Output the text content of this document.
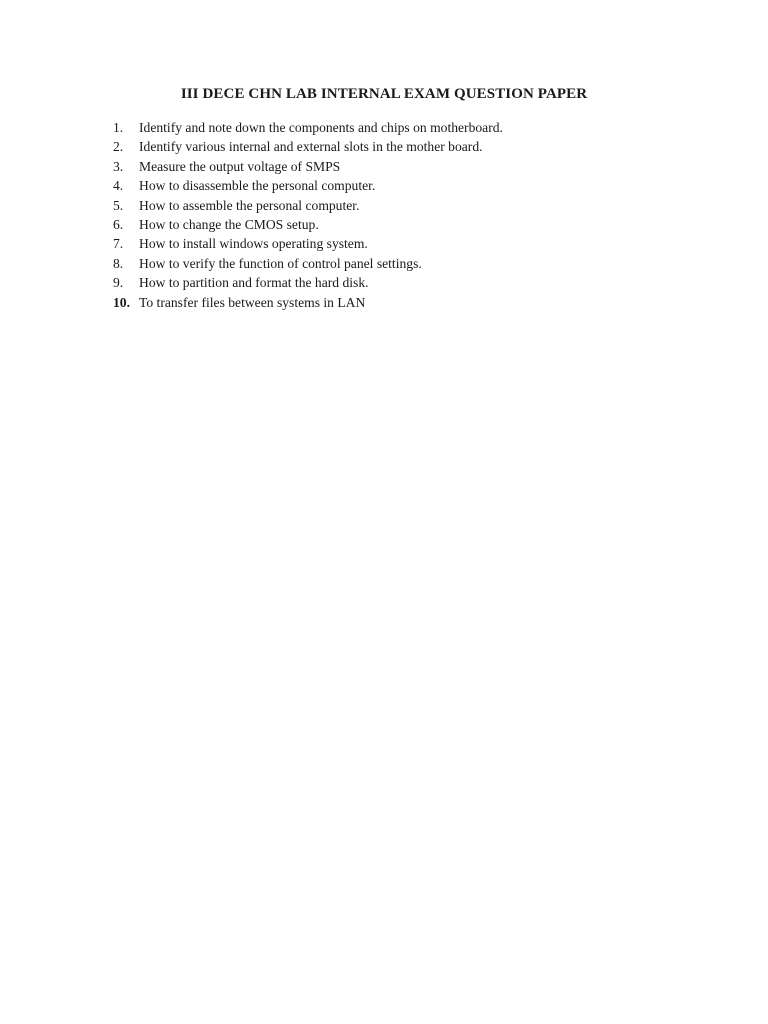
III DECE CHN LAB INTERNAL EXAM QUESTION PAPER
1.	Identify and note down the components and chips on motherboard.
2.	Identify various internal and external slots in the mother board.
3.	Measure the output voltage of SMPS
4.	How to disassemble the personal computer.
5.	How to assemble the personal computer.
6.	How to change the CMOS setup.
7.	How to install windows operating system.
8.	How to verify the function of control panel settings.
9.	How to partition and format the hard disk.
10. To transfer files between systems in LAN
